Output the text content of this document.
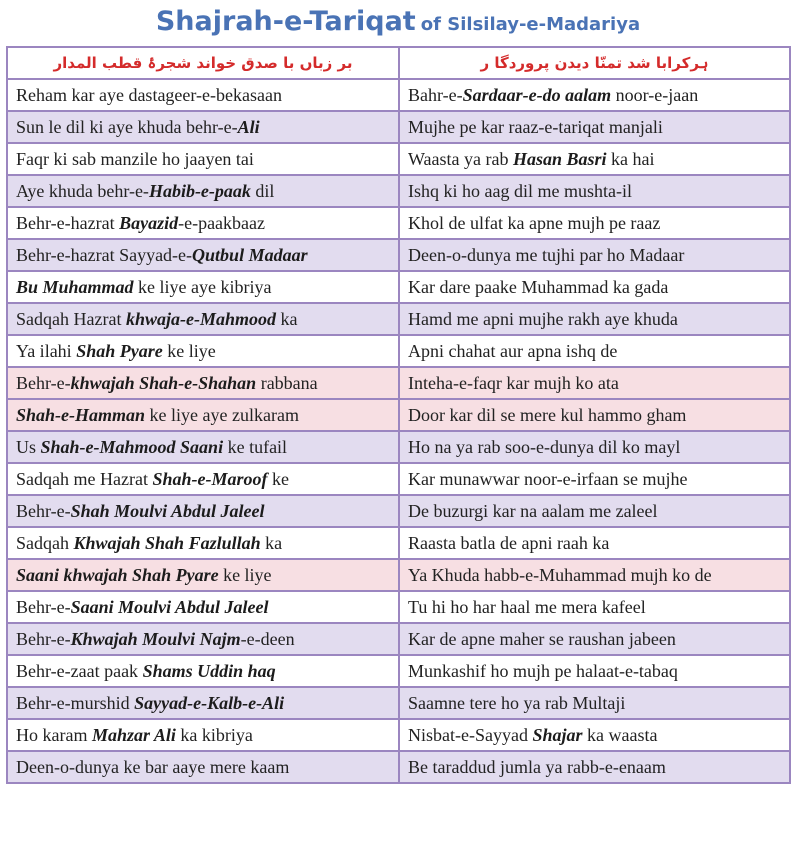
Shajrah-e-Tariqat of Silsilay-e-Madariya
بر زباں با صدق خواند شجرۂ قطب المدار	ہرکرابا شد تمنّا دیدن پروردگا ر
Reham kar aye dastageer-e-bekasaan	Bahr-e-Sardaar-e-do aalam noor-e-jaan
Sun le dil ki aye khuda behr-e-Ali	Mujhe pe kar raaz-e-tariqat manjali
Faqr ki sab manzile ho jaayen tai	Waasta ya rab Hasan Basri ka hai
Aye khuda behr-e-Habib-e-paak dil	Ishq ki ho aag dil me mushta-il
Behr-e-hazrat Bayazid-e-paakbaaz	Khol de ulfat ka apne mujh pe raaz
Behr-e-hazrat Sayyad-e-Qutbul Madaar	Deen-o-dunya me tujhi par ho Madaar
Bu Muhammad ke liye aye kibriya	Kar dare paake Muhammad ka gada
Sadqah Hazrat khwaja-e-Mahmood ka	Hamd me apni mujhe rakh aye khuda
Ya ilahi Shah Pyare ke liye	Apni chahat aur apna ishq de
Behr-e-khwajah Shah-e-Shahan rabbana	Inteha-e-faqr kar mujh ko ata
Shah-e-Hamman ke liye aye zulkaram	Door kar dil se mere kul hammo gham
Us Shah-e-Mahmood Saani ke tufail	Ho na ya rab soo-e-dunya dil ko mayl
Sadqah me Hazrat Shah-e-Maroof ke	Kar munawwar noor-e-irfaan se mujhe
Behr-e-Shah Moulvi Abdul Jaleel	De buzurgi kar na aalam me zaleel
Sadqah Khwajah Shah Fazlullah ka	Raasta batla de apni raah ka
Saani khwajah Shah Pyare ke liye	Ya Khuda habb-e-Muhammad mujh ko de
Behr-e-Saani Moulvi Abdul Jaleel	Tu hi ho har haal me mera kafeel
Behr-e-Khwajah Moulvi Najm-e-deen	Kar de apne maher se raushan jabeen
Behr-e-zaat paak Shams Uddin haq	Munkashif ho mujh pe halaat-e-tabaq
Behr-e-murshid Sayyad-e-Kalb-e-Ali	Saamne tere ho ya rab Multaji
Ho karam Mahzar Ali ka kibriya	Nisbat-e-Sayyad Shajar ka waasta
Deen-o-dunya ke bar aaye mere kaam	Be taraddud jumla ya rabb-e-enaam
